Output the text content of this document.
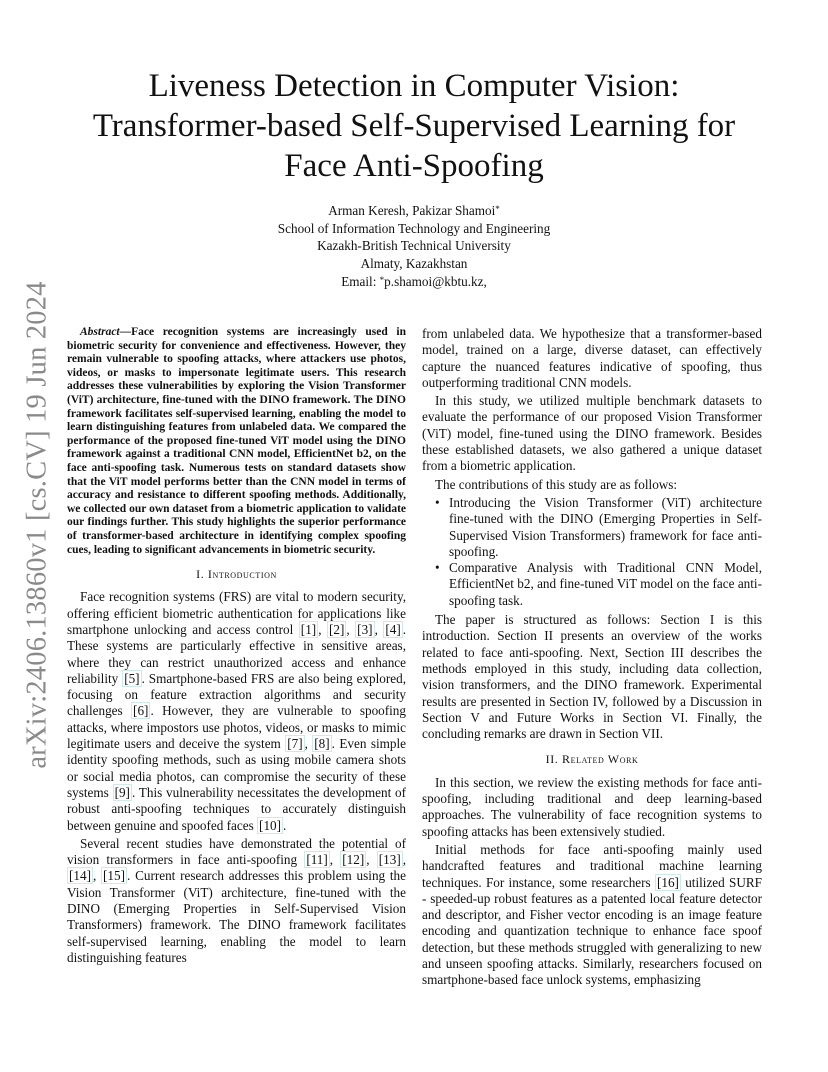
arXiv:2406.13860v1 [cs.CV] 19 Jun 2024
Liveness Detection in Computer Vision:
Transformer-based Self-Supervised Learning for
Face Anti-Spoofing
Arman Keresh, Pakizar Shamoi*
School of Information Technology and Engineering
Kazakh-British Technical University
Almaty, Kazakhstan
Email: *p.shamoi@kbtu.kz,

Abstract—Face recognition systems are increasingly used in biometric security for convenience and effectiveness. However, they remain vulnerable to spoofing attacks, where attackers use photos, videos, or masks to impersonate legitimate users. This research addresses these vulnerabilities by exploring the Vision Transformer (ViT) architecture, fine-tuned with the DINO framework. The DINO framework facilitates self-supervised learning, enabling the model to learn distinguishing features from unlabeled data. We compared the performance of the proposed fine-tuned ViT model using the DINO framework against a traditional CNN model, EfficientNet b2, on the face anti-spoofing task. Numerous tests on standard datasets show that the ViT model performs better than the CNN model in terms of accuracy and resistance to different spoofing methods. Additionally, we collected our own dataset from a biometric application to validate our findings further. This study highlights the superior performance of transformer-based architecture in identifying complex spoofing cues, leading to significant advancements in biometric security.

I. Introduction

Face recognition systems (FRS) are vital to modern security, offering efficient biometric authentication for applications like smartphone unlocking and access control [1] , [2] , [3] , [4] . These systems are particularly effective in sensitive areas, where they can restrict unauthorized access and enhance reliability [5] . Smartphone-based FRS are also being explored, focusing on feature extraction algorithms and security challenges [6] . However, they are vulnerable to spoofing attacks, where impostors use photos, videos, or masks to mimic legitimate users and deceive the system [7] , [8] . Even simple identity spoofing methods, such as using mobile camera shots or social media photos, can compromise the security of these systems [9] . This vulnerability necessitates the development of robust anti-spoofing techniques to accurately distinguish between genuine and spoofed faces [10] .

Several recent studies have demonstrated the potential of vision transformers in face anti-spoofing [11] , [12] , [13] , [14] , [15] . Current research addresses this problem using the Vision Transformer (ViT) architecture, fine-tuned with the DINO (Emerging Properties in Self-Supervised Vision Transformers) framework. The DINO framework facilitates self-supervised learning, enabling the model to learn distinguishing features

from unlabeled data. We hypothesize that a transformer-based model, trained on a large, diverse dataset, can effectively capture the nuanced features indicative of spoofing, thus outperforming traditional CNN models.

In this study, we utilized multiple benchmark datasets to evaluate the performance of our proposed Vision Transformer (ViT) model, fine-tuned using the DINO framework. Besides these established datasets, we also gathered a unique dataset from a biometric application.

The contributions of this study are as follows:

• Introducing the Vision Transformer (ViT) architecture fine-tuned with the DINO (Emerging Properties in Self-Supervised Vision Transformers) framework for face anti-spoofing.
• Comparative Analysis with Traditional CNN Model, EfficientNet b2, and fine-tuned ViT model on the face anti-spoofing task.

The paper is structured as follows: Section I is this introduction. Section II presents an overview of the works related to face anti-spoofing. Next, Section III describes the methods employed in this study, including data collection, vision transformers, and the DINO framework. Experimental results are presented in Section IV, followed by a Discussion in Section V and Future Works in Section VI. Finally, the concluding remarks are drawn in Section VII.

II. Related Work

In this section, we review the existing methods for face anti-spoofing, including traditional and deep learning-based approaches. The vulnerability of face recognition systems to spoofing attacks has been extensively studied.

Initial methods for face anti-spoofing mainly used handcrafted features and traditional machine learning techniques. For instance, some researchers [16] utilized SURF - speeded-up robust features as a patented local feature detector and descriptor, and Fisher vector encoding is an image feature encoding and quantization technique to enhance face spoof detection, but these methods struggled with generalizing to new and unseen spoofing attacks. Similarly, researchers focused on smartphone-based face unlock systems, emphasizing
